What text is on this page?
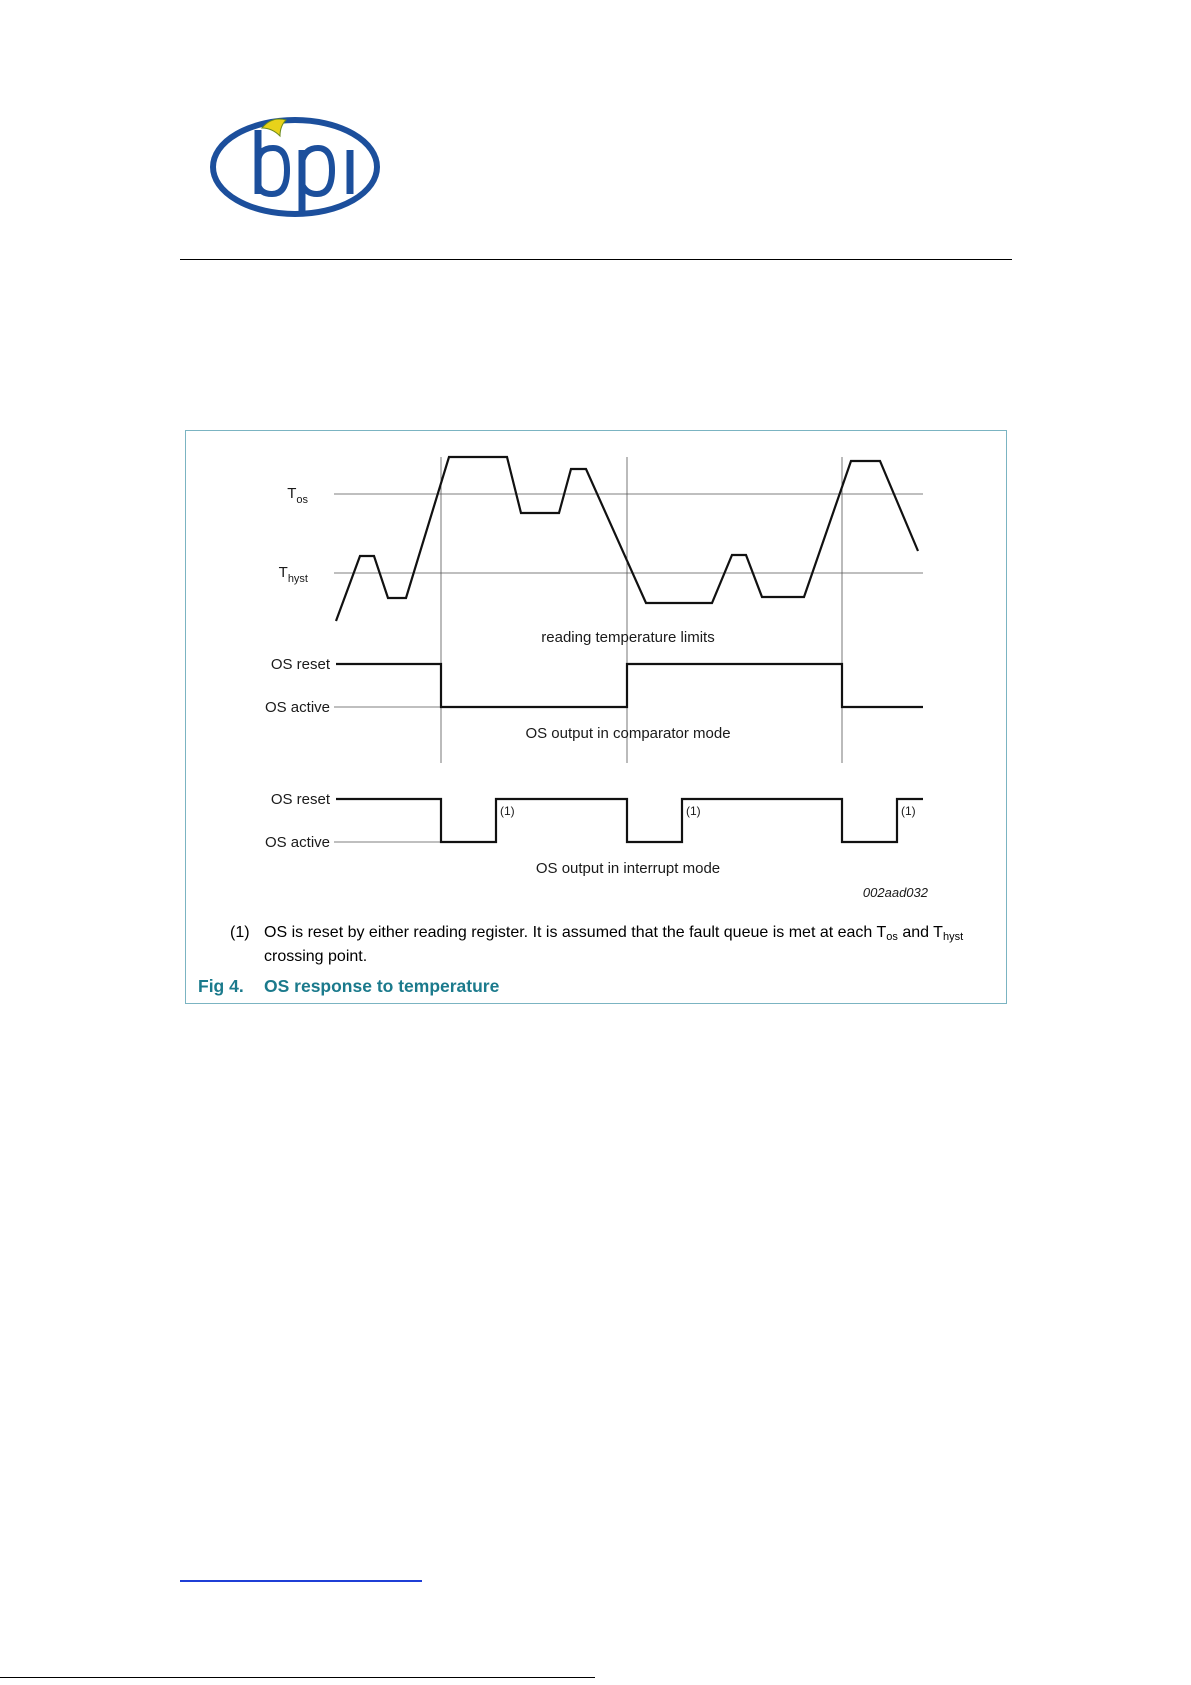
$T_{os}$
$T_{hyst}$
OS reset
OS active
OS reset
OS active
reading temperature limits
OS output in comparator mode
OS output in interrupt mode
(1)	(1)	(1)
002aad032
(1) OS is reset by either reading register. It is assumed that the fault queue is met at each $T_{os}$ and $T_{hyst}$ crossing point.
Fig 4. OS response to temperature
